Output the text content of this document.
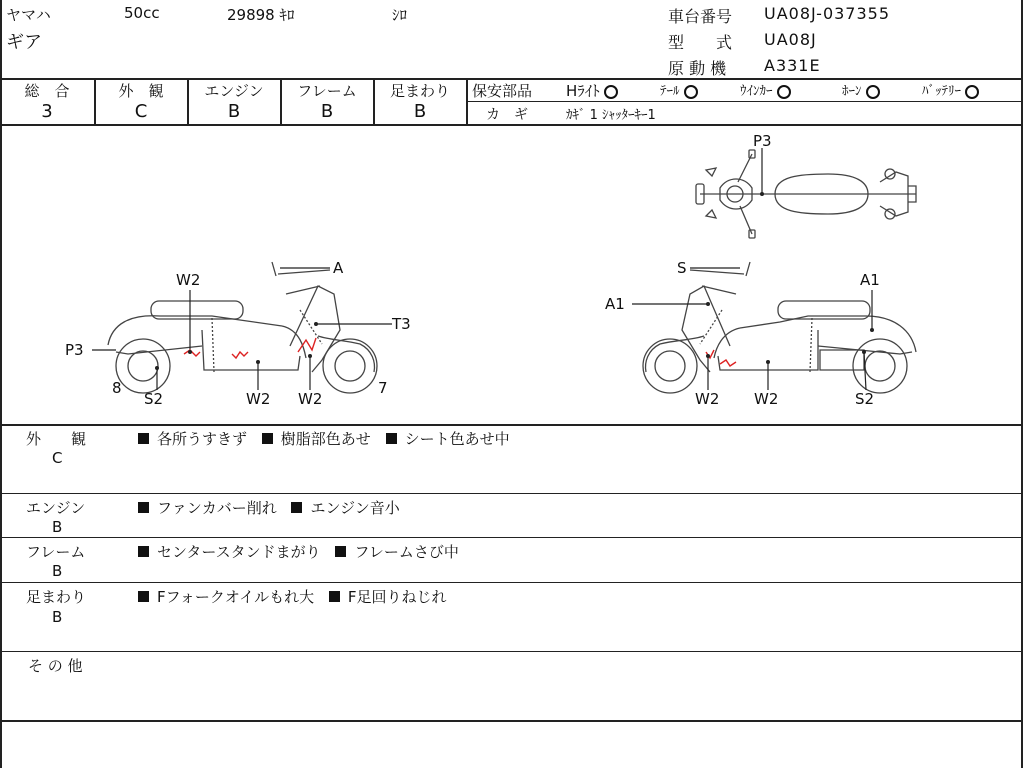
ヤマハ	50cc	29898 ｷﾛ	ｼﾛ
ギア
車台番号 UA08J-037355
型　　式 UA08J
原 動 機 A331E
総　合
3
外　観
C
エンジン
B
フレーム
B
足まわり
B
保安部品 Hﾗｲﾄ	ﾃｰﾙ	ｳｲﾝｶｰ	ﾎｰﾝ	ﾊﾞｯﾃﾘｰ
カ　ギ	ｶｷﾞ 1 ｼｬｯﾀｰｷｰ1
P3
A
W2
T3
P3
8
S2	W2 W2
7
S
A1
A1
W2 W2	S2
外　　観
C
各所うすきず 樹脂部色あせ シート色あせ中
エンジン
B
ファンカバー削れ エンジン音小
フレーム
B
センタースタンドまがり フレームさび中
足まわり
B
Fフォークオイルもれ大 F足回りねじれ
そ の 他
